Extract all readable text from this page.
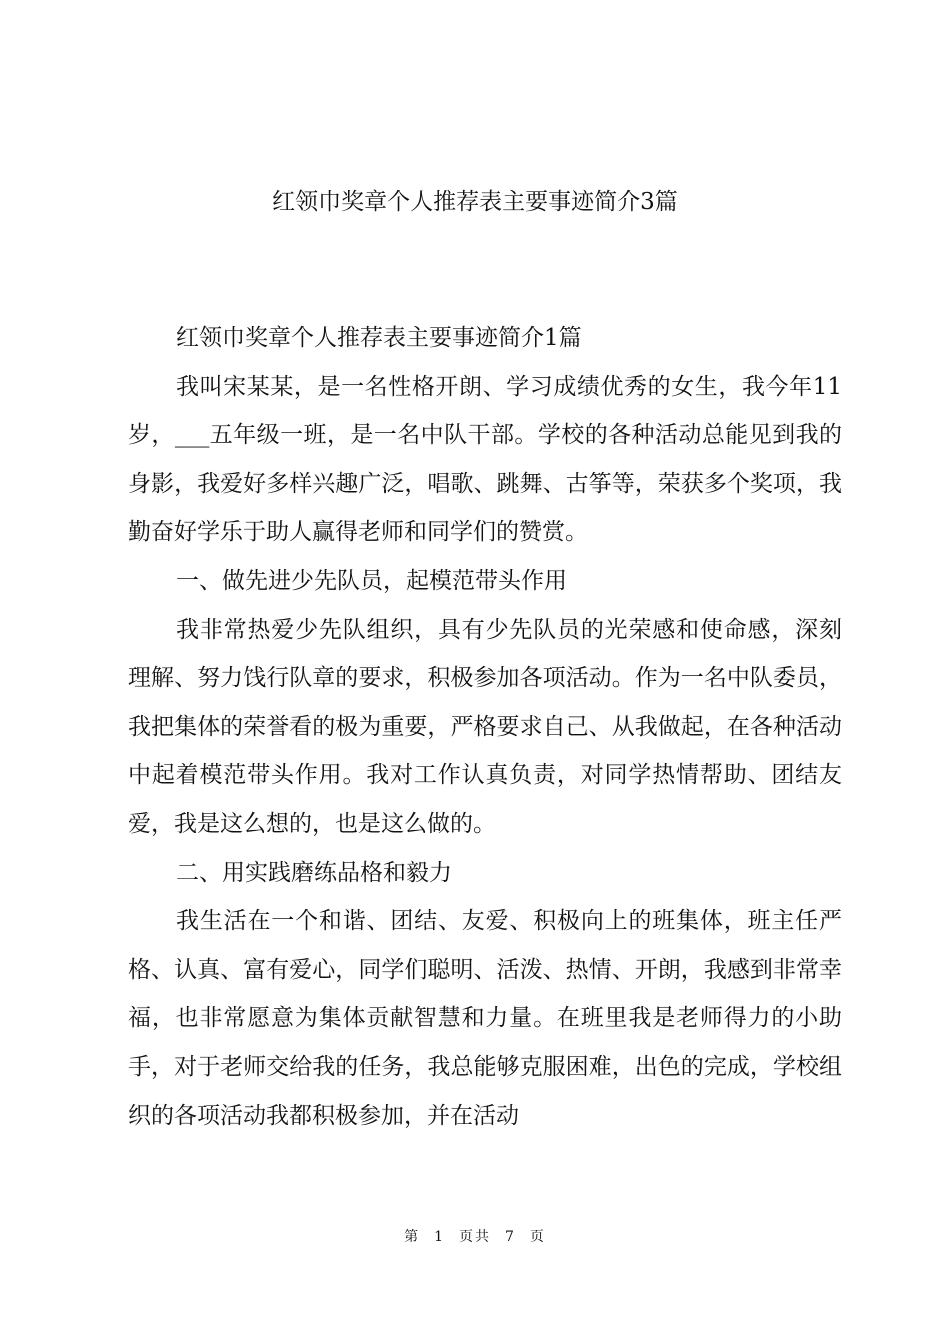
红领巾奖章个人推荐表主要事迹简介3篇

红领巾奖章个人推荐表主要事迹简介1篇

我叫宋某某，是一名性格开朗、学习成绩优秀的女生，我今年11岁，___五年级一班，是一名中队干部。学校的各种活动总能见到我的身影，我爱好多样兴趣广泛，唱歌、跳舞、古筝等，荣获多个奖项，我勤奋好学乐于助人赢得老师和同学们的赞赏。

一、做先进少先队员，起模范带头作用

我非常热爱少先队组织，具有少先队员的光荣感和使命感，深刻理解、努力饯行队章的要求，积极参加各项活动。作为一名中队委员，我把集体的荣誉看的极为重要，严格要求自己、从我做起，在各种活动中起着模范带头作用。我对工作认真负责，对同学热情帮助、团结友爱，我是这么想的，也是这么做的。

二、用实践磨练品格和毅力

我生活在一个和谐、团结、友爱、积极向上的班集体，班主任严格、认真、富有爱心，同学们聪明、活泼、热情、开朗，我感到非常幸福，也非常愿意为集体贡献智慧和力量。在班里我是老师得力的小助手，对于老师交给我的任务，我总能够克服困难，出色的完成，学校组织的各项活动我都积极参加，并在活动

第 1 页共 7 页
